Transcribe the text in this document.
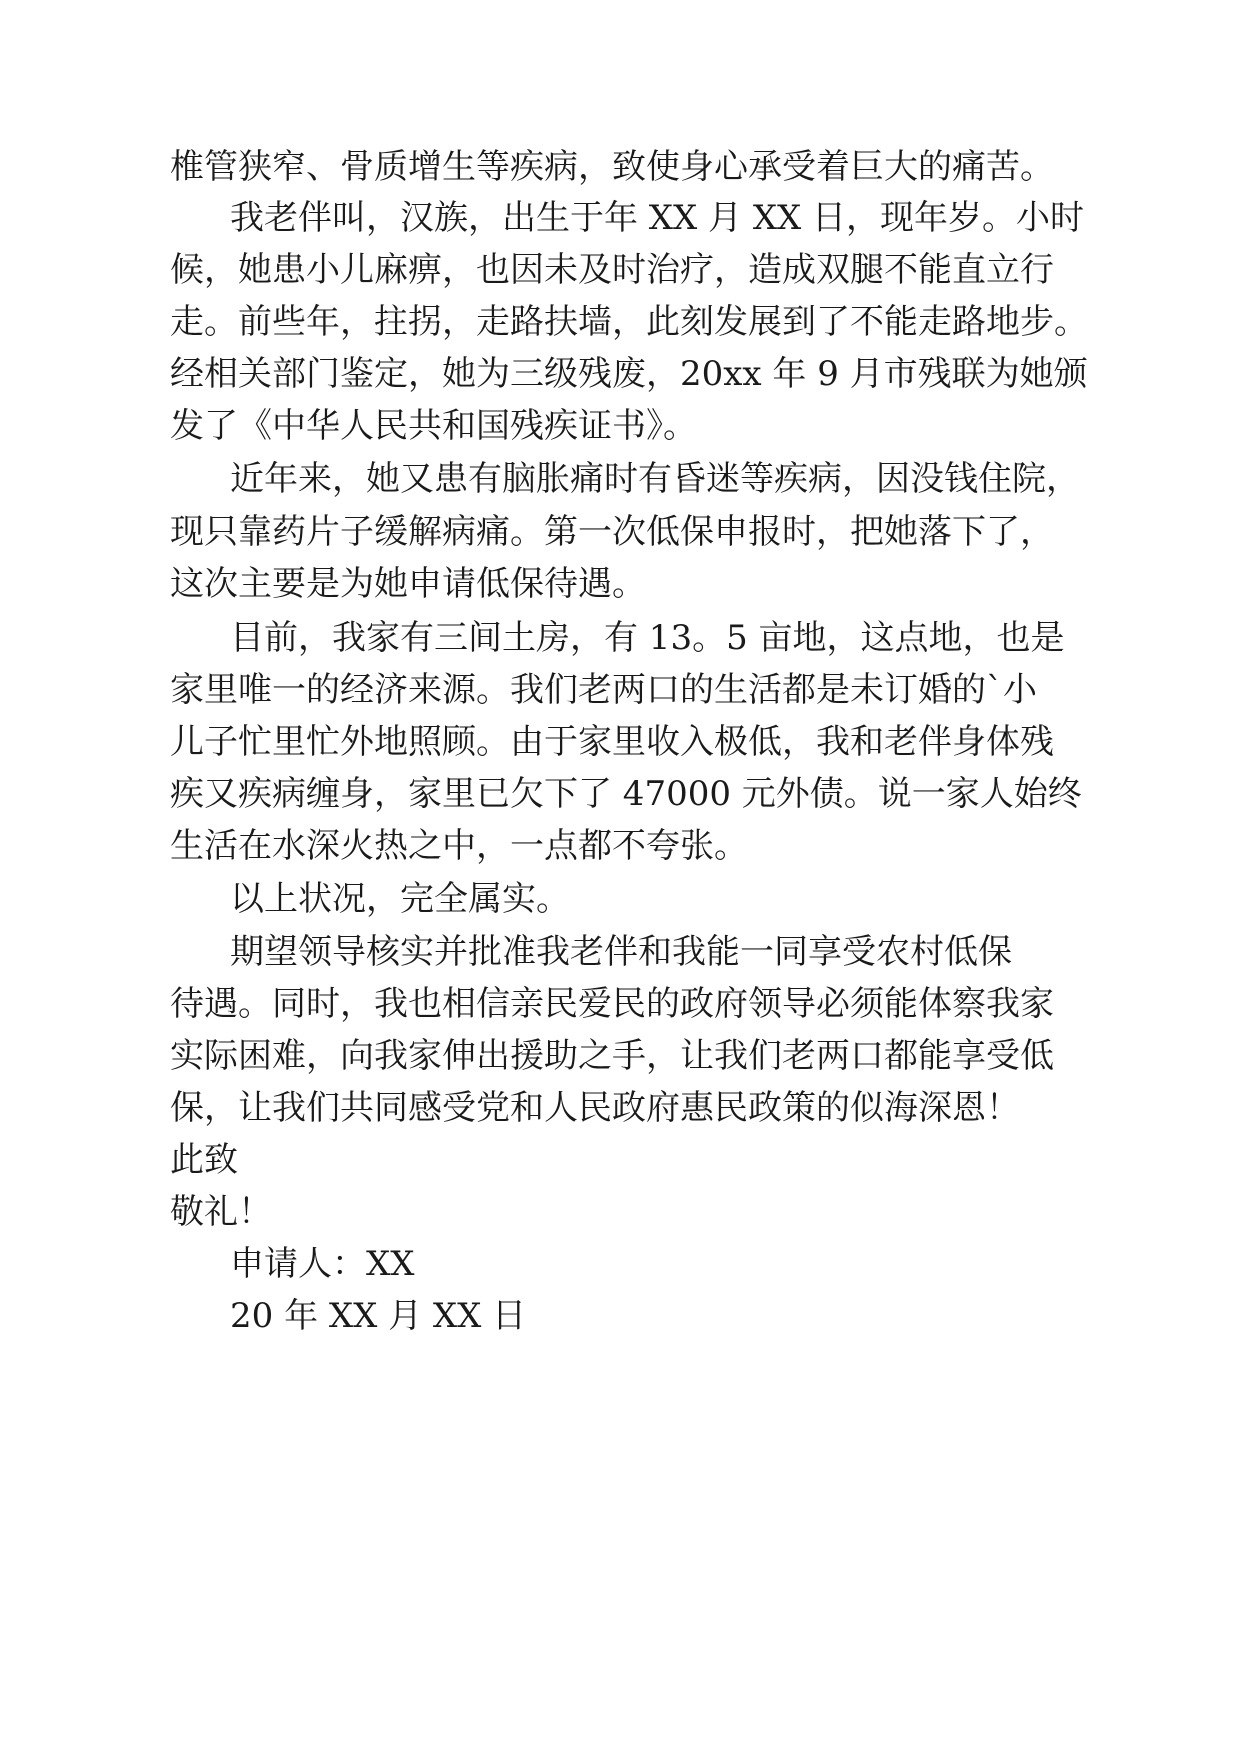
椎管狭窄、骨质增生等疾病，致使身心承受着巨大的痛苦。
我老伴叫，汉族，出生于年 XX 月 XX 日，现年岁。小时
候，她患小儿麻痹，也因未及时治疗，造成双腿不能直立行
走。前些年，拄拐，走路扶墙，此刻发展到了不能走路地步。
经相关部门鉴定，她为三级残废，20xx 年 9 月市残联为她颁
发了《中华人民共和国残疾证书》。
近年来，她又患有脑胀痛时有昏迷等疾病，因没钱住院，
现只靠药片子缓解病痛。第一次低保申报时，把她落下了，
这次主要是为她申请低保待遇。
目前，我家有三间土房，有 13。5 亩地，这点地，也是
家里唯一的经济来源。我们老两口的生活都是未订婚的`小
儿子忙里忙外地照顾。由于家里收入极低，我和老伴身体残
疾又疾病缠身，家里已欠下了 47000 元外债。说一家人始终
生活在水深火热之中，一点都不夸张。
以上状况，完全属实。
期望领导核实并批准我老伴和我能一同享受农村低保
待遇。同时，我也相信亲民爱民的政府领导必须能体察我家
实际困难，向我家伸出援助之手，让我们老两口都能享受低
保，让我们共同感受党和人民政府惠民政策的似海深恩！
此致
敬礼！
申请人：XX
20 年 XX 月 XX 日
